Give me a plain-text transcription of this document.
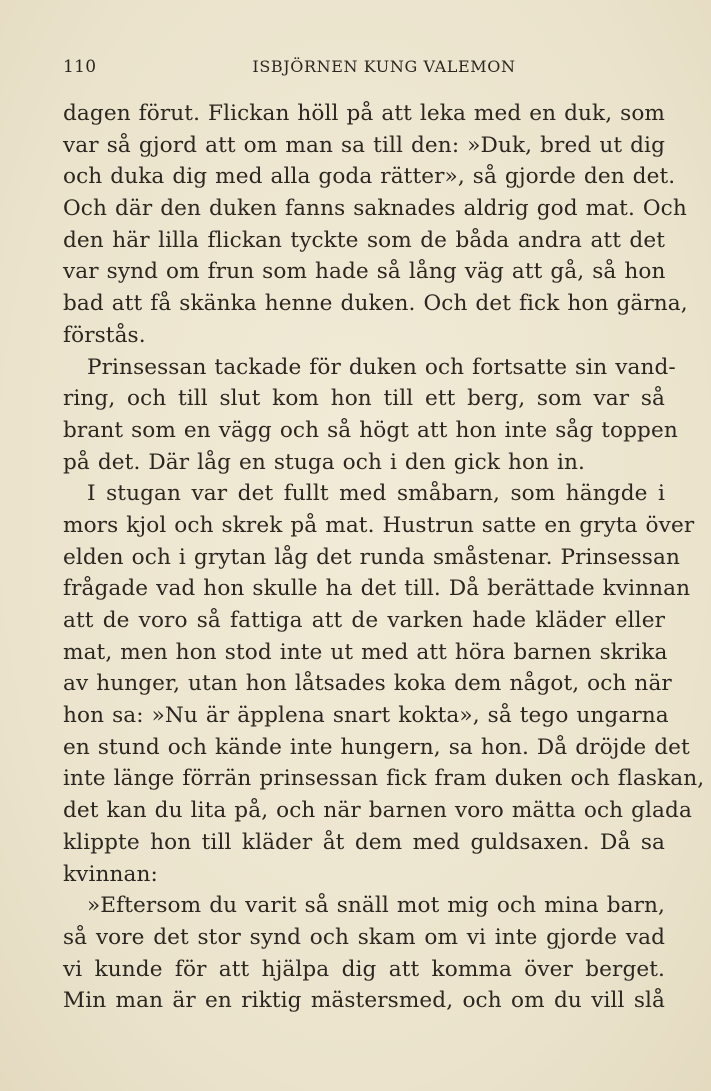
110	ISBJÖRNEN KUNG VALEMON
dagen förut. Flickan höll på att leka med en duk, som
var så gjord att om man sa till den: »Duk, bred ut dig
och duka dig med alla goda rätter», så gjorde den det.
Och där den duken fanns saknades aldrig god mat. Och
den här lilla flickan tyckte som de båda andra att det
var synd om frun som hade så lång väg att gå, så hon
bad att få skänka henne duken. Och det fick hon gärna,
förstås.
Prinsessan tackade för duken och fortsatte sin vand-
ring, och till slut kom hon till ett berg, som var så
brant som en vägg och så högt att hon inte såg toppen
på det. Där låg en stuga och i den gick hon in.
I stugan var det fullt med småbarn, som hängde i
mors kjol och skrek på mat. Hustrun satte en gryta över
elden och i grytan låg det runda småstenar. Prinsessan
frågade vad hon skulle ha det till. Då berättade kvinnan
att de voro så fattiga att de varken hade kläder eller
mat, men hon stod inte ut med att höra barnen skrika
av hunger, utan hon låtsades koka dem något, och när
hon sa: »Nu är äpplena snart kokta», så tego ungarna
en stund och kände inte hungern, sa hon. Då dröjde det
inte länge förrän prinsessan fick fram duken och flaskan,
det kan du lita på, och när barnen voro mätta och glada
klippte hon till kläder åt dem med guldsaxen. Då sa
kvinnan:
»Eftersom du varit så snäll mot mig och mina barn,
så vore det stor synd och skam om vi inte gjorde vad
vi kunde för att hjälpa dig att komma över berget.
Min man är en riktig mästersmed, och om du vill slå
